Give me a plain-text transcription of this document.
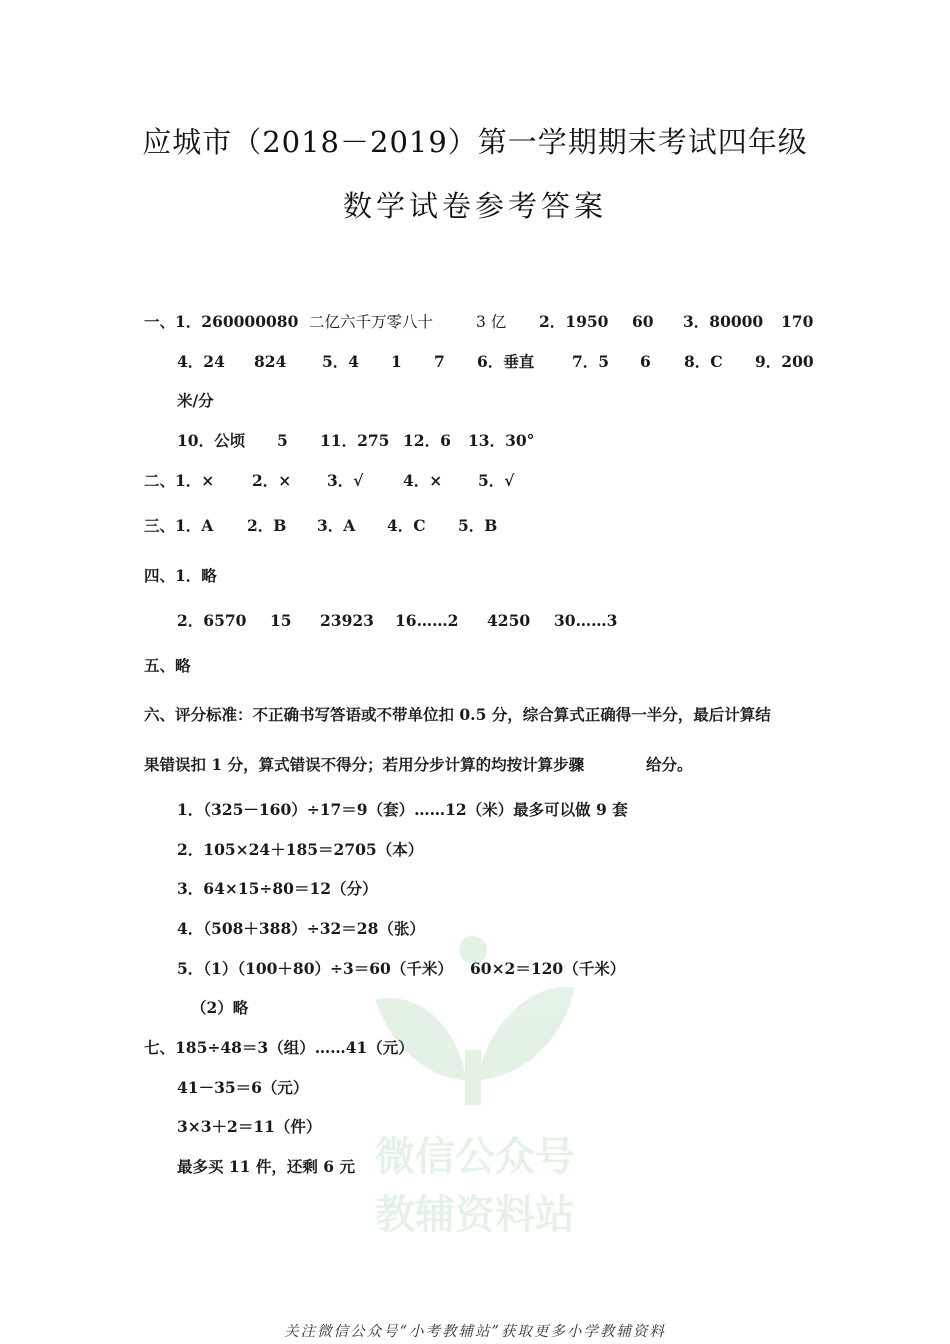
应城市（2018－2019）第一学期期末考试四年级
数学试卷参考答案
一、1．260000080 二亿六千万零八十	3 亿 2．1950 60 3．80000 170
4．24 824 5．4 1 7 6．垂直 7．5 6 8．C 9．200
米/分
10．公顷 5 11．275 12．6 13．30°
二、1．× 2．× 3．√	4．× 5．√
三、1．A 2．B 3．A 4．C 5．B
四、1．略
2．6570 15 23923 16……2 4250 30……3
五、略
六、评分标准：不正确书写答语或不带单位扣 0.5 分，综合算式正确得一半分，最后计算结
果错误扣 1 分，算式错误不得分；若用分步计算的均按计算步骤	给分。
1．（325－160）÷17＝9（套）……12（米）最多可以做 9 套
2．105×24＋185＝2705（本）
3．64×15÷80＝12（分）
4．（508＋388）÷32＝28（张）
5．（1）（100＋80）÷3＝60（千米） 60×2＝120（千米）
（2）略
七、185÷48＝3（组）……41（元）
41－35＝6（元）
3×3＋2＝11（件）
最多买 11 件，还剩 6 元 微信公众号
教辅资料站
关注微信公众号“小考教辅站”获取更多小学教辅资料
